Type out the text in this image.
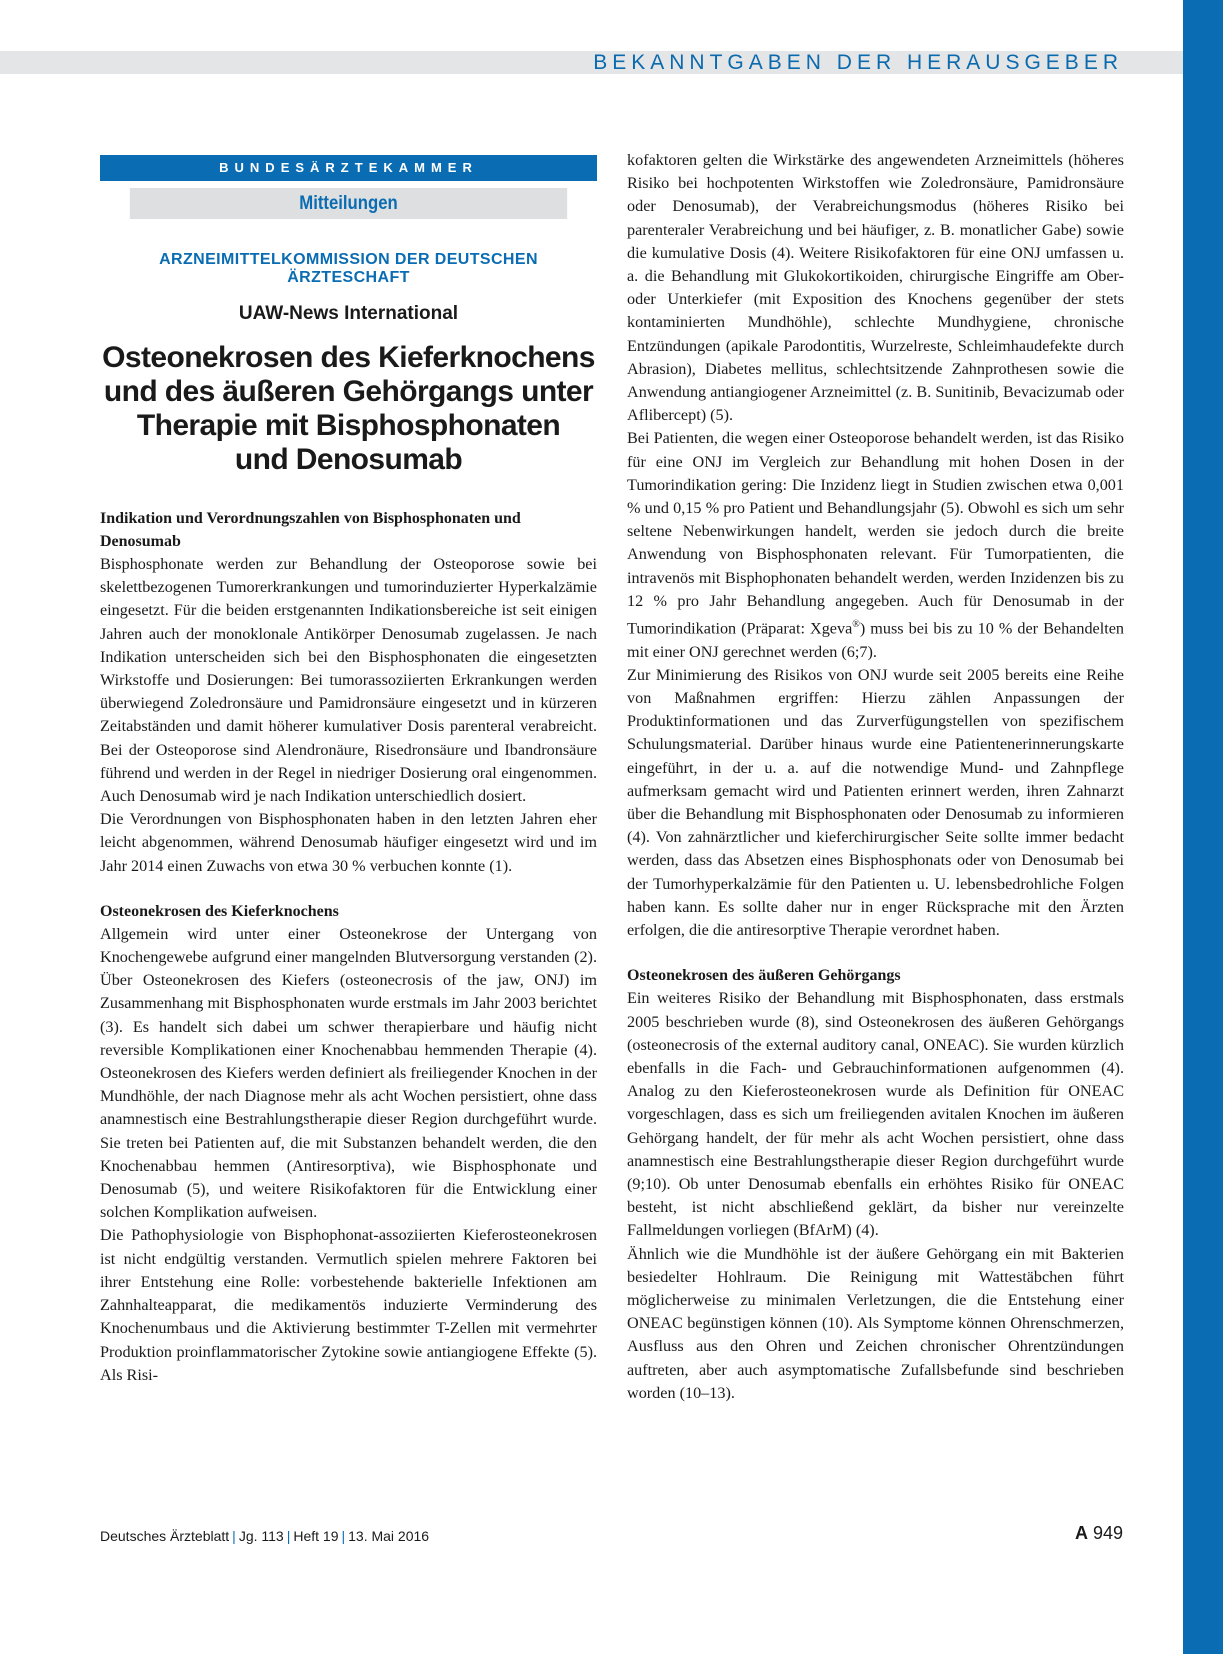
BEKANNTGABEN DER HERAUSGEBER
BUNDESÄRZTEKAMMER
Mitteilungen
ARZNEIMITTELKOMMISSION DER DEUTSCHEN ÄRZTESCHAFT
UAW-News International
Osteonekrosen des Kieferknochens
und des äußeren Gehörgangs unter
Therapie mit Bisphosphonaten
und Denosumab
Indikation und Verordnungszahlen von Bisphosphonaten und Denosumab

Bisphosphonate werden zur Behandlung der Osteoporose sowie bei skelettbezogenen Tumorerkrankungen und tumorinduzierter Hyperkalzämie eingesetzt. Für die beiden erstgenannten Indikationsbereiche ist seit einigen Jahren auch der monoklonale Antikörper Denosumab zugelassen. Je nach Indikation unterscheiden sich bei den Bisphosphonaten die eingesetzten Wirkstoffe und Dosierungen: Bei tumorassoziierten Erkrankungen werden überwiegend Zoledronsäure und Pamidronsäure eingesetzt und in kürzeren Zeitabständen und damit höherer kumulativer Dosis parenteral verabreicht. Bei der Osteoporose sind Alendronäure, Risedronsäure und Ibandronsäure führend und werden in der Regel in niedriger Dosierung oral eingenommen. Auch Denosumab wird je nach Indikation unterschiedlich dosiert.

Die Verordnungen von Bisphosphonaten haben in den letzten Jahren eher leicht abgenommen, während Denosumab häufiger eingesetzt wird und im Jahr 2014 einen Zuwachs von etwa 30 % verbuchen konnte (1).

Osteonekrosen des Kieferknochens

Allgemein wird unter einer Osteonekrose der Untergang von Knochengewebe aufgrund einer mangelnden Blutversorgung verstanden (2). Über Osteonekrosen des Kiefers (osteonecrosis of the jaw, ONJ) im Zusammenhang mit Bisphosphonaten wurde erstmals im Jahr 2003 berichtet (3). Es handelt sich dabei um schwer therapierbare und häufig nicht reversible Komplikationen einer Knochenabbau hemmenden Therapie (4). Osteonekrosen des Kiefers werden definiert als freiliegender Knochen in der Mundhöhle, der nach Diagnose mehr als acht Wochen persistiert, ohne dass anamnestisch eine Bestrahlungstherapie dieser Region durchgeführt wurde. Sie treten bei Patienten auf, die mit Substanzen behandelt werden, die den Knochenabbau hemmen (Antiresorptiva), wie Bisphosphonate und Denosumab (5), und weitere Risikofaktoren für die Entwicklung einer solchen Komplikation aufweisen.

Die Pathophysiologie von Bisphophonat-assoziierten Kieferosteonekrosen ist nicht endgültig verstanden. Vermutlich spielen mehrere Faktoren bei ihrer Entstehung eine Rolle: vorbestehende bakterielle Infektionen am Zahnhalteapparat, die medikamentös induzierte Verminderung des Knochenumbaus und die Aktivierung bestimmter T-Zellen mit vermehrter Produktion proinflammatorischer Zytokine sowie antiangiogene Effekte (5). Als Risi-

kofaktoren gelten die Wirkstärke des angewendeten Arzneimittels (höheres Risiko bei hochpotenten Wirkstoffen wie Zoledronsäure, Pamidronsäure oder Denosumab), der Verabreichungsmodus (höheres Risiko bei parenteraler Verabreichung und bei häufiger, z. B. monatlicher Gabe) sowie die kumulative Dosis (4). Weitere Risikofaktoren für eine ONJ umfassen u. a. die Behandlung mit Glukokortikoiden, chirurgische Eingriffe am Ober- oder Unterkiefer (mit Exposition des Knochens gegenüber der stets kontaminierten Mundhöhle), schlechte Mundhygiene, chronische Entzündungen (apikale Parodontitis, Wurzelreste, Schleimhaudefekte durch Abrasion), Diabetes mellitus, schlechtsitzende Zahnprothesen sowie die Anwendung antiangiogener Arzneimittel (z. B. Sunitinib, Bevacizumab oder Aflibercept) (5).

Bei Patienten, die wegen einer Osteoporose behandelt werden, ist das Risiko für eine ONJ im Vergleich zur Behandlung mit hohen Dosen in der Tumorindikation gering: Die Inzidenz liegt in Studien zwischen etwa 0,001 % und 0,15 % pro Patient und Behandlungsjahr (5). Obwohl es sich um sehr seltene Nebenwirkungen handelt, werden sie jedoch durch die breite Anwendung von Bisphosphonaten relevant. Für Tumorpatienten, die intravenös mit Bisphophonaten behandelt werden, werden Inzidenzen bis zu 12 % pro Jahr Behandlung angegeben. Auch für Denosumab in der Tumorindikation (Präparat: Xgeva®) muss bei bis zu 10 % der Behandelten mit einer ONJ gerechnet werden (6;7).

Zur Minimierung des Risikos von ONJ wurde seit 2005 bereits eine Reihe von Maßnahmen ergriffen: Hierzu zählen Anpassungen der Produktinformationen und das Zurverfügungstellen von spezifischem Schulungsmaterial. Darüber hinaus wurde eine Patientenerinnerungskarte eingeführt, in der u. a. auf die notwendige Mund- und Zahnpflege aufmerksam gemacht wird und Patienten erinnert werden, ihren Zahnarzt über die Behandlung mit Bisphosphonaten oder Denosumab zu informieren (4). Von zahnärztlicher und kieferchirurgischer Seite sollte immer bedacht werden, dass das Absetzen eines Bisphosphonats oder von Denosumab bei der Tumorhyperkalzämie für den Patienten u. U. lebensbedrohliche Folgen haben kann. Es sollte daher nur in enger Rücksprache mit den Ärzten erfolgen, die die antiresorptive Therapie verordnet haben.

Osteonekrosen des äußeren Gehörgangs

Ein weiteres Risiko der Behandlung mit Bisphosphonaten, dass erstmals 2005 beschrieben wurde (8), sind Osteonekrosen des äußeren Gehörgangs (osteonecrosis of the external auditory canal, ONEAC). Sie wurden kürzlich ebenfalls in die Fach- und Gebrauchinformationen aufgenommen (4). Analog zu den Kieferosteonekrosen wurde als Definition für ONEAC vorgeschlagen, dass es sich um freiliegenden avitalen Knochen im äußeren Gehörgang handelt, der für mehr als acht Wochen persistiert, ohne dass anamnestisch eine Bestrahlungstherapie dieser Region durchgeführt wurde (9;10). Ob unter Denosumab ebenfalls ein erhöhtes Risiko für ONEAC besteht, ist nicht abschließend geklärt, da bisher nur vereinzelte Fallmeldungen vorliegen (BfArM) (4).

Ähnlich wie die Mundhöhle ist der äußere Gehörgang ein mit Bakterien besiedelter Hohlraum. Die Reinigung mit Wattestäbchen führt möglicherweise zu minimalen Verletzungen, die die Entstehung einer ONEAC begünstigen können (10). Als Symptome können Ohrenschmerzen, Ausfluss aus den Ohren und Zeichen chronischer Ohrentzündungen auftreten, aber auch asymptomatische Zufallsbefunde sind beschrieben worden (10–13).

Deutsches Ärzteblatt | Jg. 113 | Heft 19 | 13. Mai 2016	A 949
